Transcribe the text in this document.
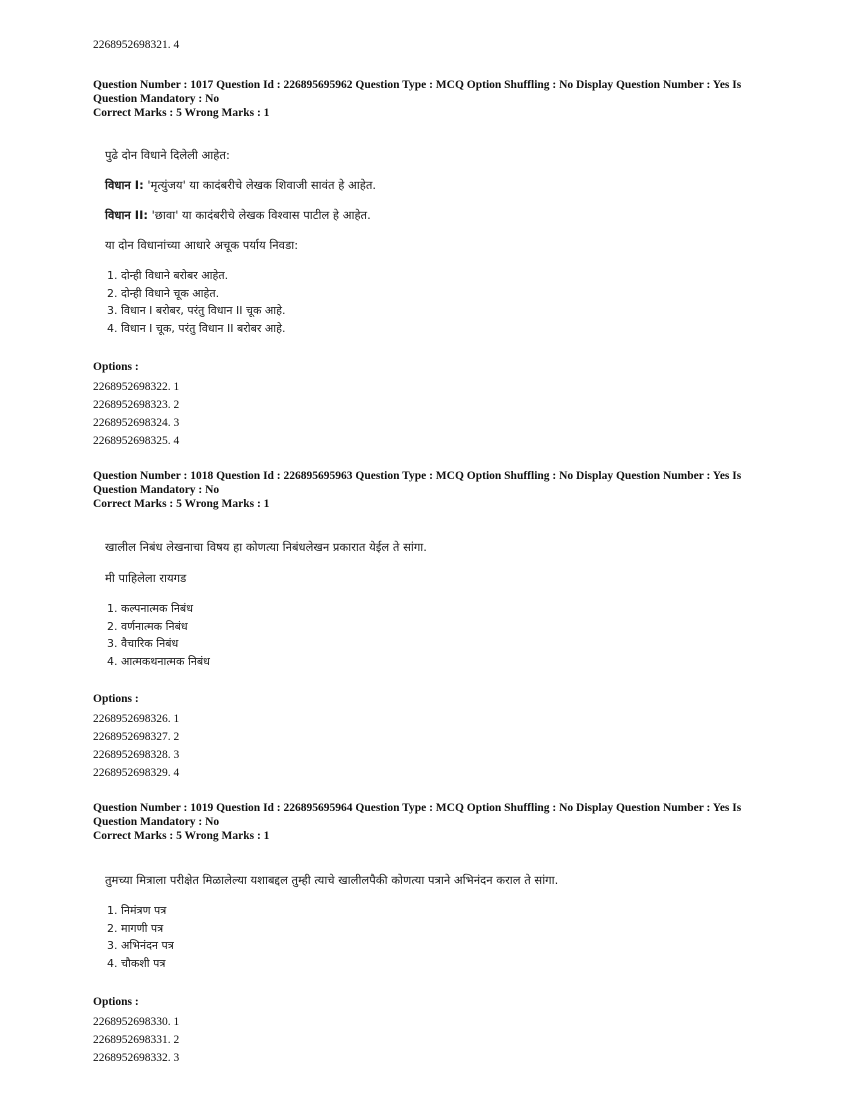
2268952698321. 4

Question Number : 1017 Question Id : 226895695962 Question Type : MCQ Option Shuffling : No Display Question Number : Yes Is

Question Mandatory : No

Correct Marks : 5 Wrong Marks : 1

पुढे दोन विधाने दिलेली आहेत:

विधान I: 'मृत्युंजय' या कादंबरीचे लेखक शिवाजी सावंत हे आहेत.

विधान II: 'छावा' या कादंबरीचे लेखक विश्वास पाटील हे आहेत.

या दोन विधानांच्या आधारे अचूक पर्याय निवडा:

1. दोन्ही विधाने बरोबर आहेत.
2. दोन्ही विधाने चूक आहेत.
3. विधान I बरोबर, परंतु विधान II चूक आहे.
4. विधान I चूक, परंतु विधान II बरोबर आहे.

Options :

2268952698322. 1
2268952698323. 2
2268952698324. 3
2268952698325. 4

Question Number : 1018 Question Id : 226895695963 Question Type : MCQ Option Shuffling : No Display Question Number : Yes Is

Question Mandatory : No

Correct Marks : 5 Wrong Marks : 1

खालील निबंध लेखनाचा विषय हा कोणत्या निबंधलेखन प्रकारात येईल ते सांगा.

मी पाहिलेला रायगड

1. कल्पनात्मक निबंध
2. वर्णनात्मक निबंध
3. वैचारिक निबंध
4. आत्मकथनात्मक निबंध

Options :

2268952698326. 1
2268952698327. 2
2268952698328. 3
2268952698329. 4

Question Number : 1019 Question Id : 226895695964 Question Type : MCQ Option Shuffling : No Display Question Number : Yes Is

Question Mandatory : No

Correct Marks : 5 Wrong Marks : 1

तुमच्या मित्राला परीक्षेत मिळालेल्या यशाबद्दल तुम्ही त्याचे खालीलपैकी कोणत्या पत्राने अभिनंदन कराल ते सांगा.

1. निमंत्रण पत्र
2. मागणी पत्र
3. अभिनंदन पत्र
4. चौकशी पत्र

Options :

2268952698330. 1
2268952698331. 2
2268952698332. 3
